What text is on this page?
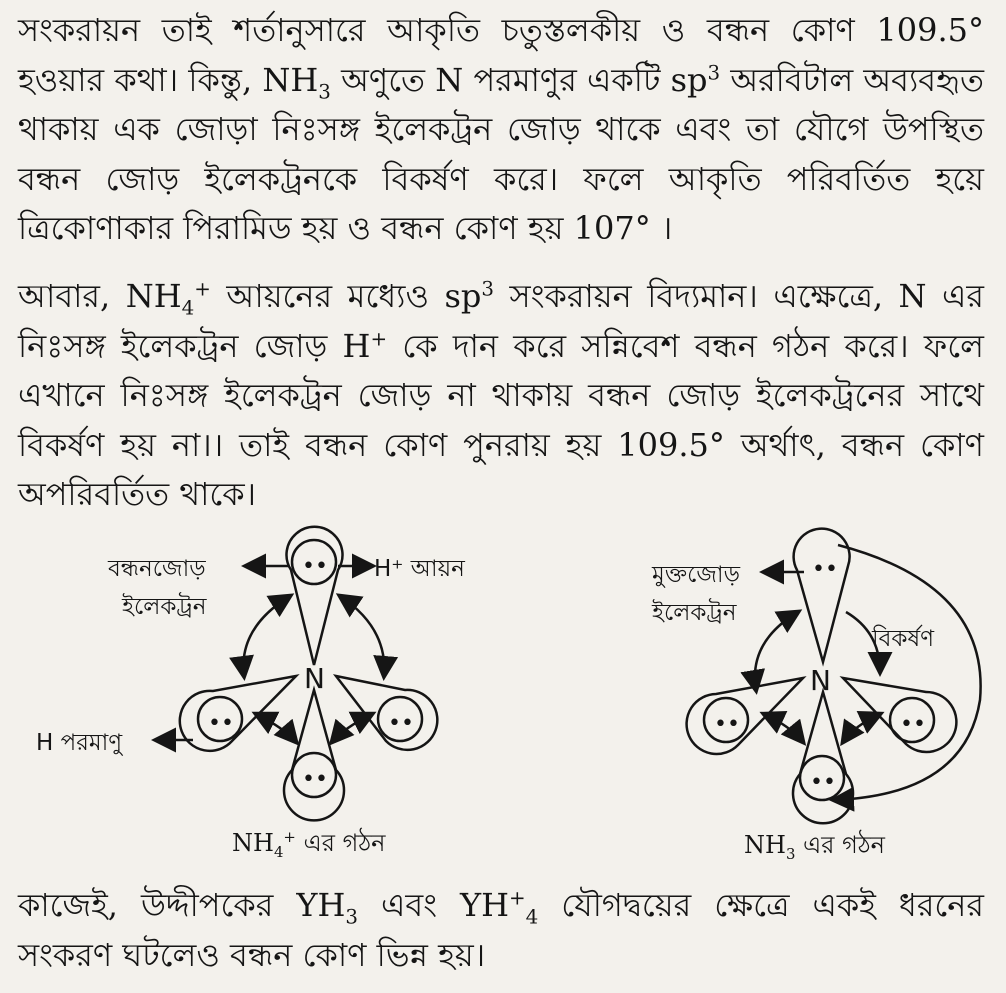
সংকরায়ন তাই শর্তানুসারে আকৃতি চতুস্তলকীয় ও বন্ধন কোণ 109.5° হওয়ার কথা। কিন্তু, $NH_3$ অণুতে N পরমাণুর একটি $sp^3$ অরবিটাল অব্যবহৃত থাকায় এক জোড়া নিঃসঙ্গ ইলেকট্রন জোড় থাকে এবং তা যৌগে উপস্থিত বন্ধন জোড় ইলেকট্রনকে বিকর্ষণ করে। ফলে আকৃতি পরিবর্তিত হয়ে ত্রিকোণাকার পিরামিড হয় ও বন্ধন কোণ হয় 107° ।

আবার, $NH_4^+$ আয়নের মধ্যেও $sp^3$ সংকরায়ন বিদ্যমান। এক্ষেত্রে, N এর নিঃসঙ্গ ইলেকট্রন জোড় H+ কে দান করে সন্নিবেশ বন্ধন গঠন করে। ফলে এখানে নিঃসঙ্গ ইলেকট্রন জোড় না থাকায় বন্ধন জোড় ইলেকট্রনের সাথে বিকর্ষণ হয় না।। তাই বন্ধন কোণ পুনরায় হয় 109.5° অর্থাৎ, বন্ধন কোণ অপরিবর্তিত থাকে।

N
••
••	••
••
বন্ধনজোড়
ইলেকট্রন
H⁺ আয়ন
H পরমাণু
N
••
••	••
••
মুক্তজোড়
ইলেকট্রন
বিকর্ষণ
$NH_4^+$ এর গঠন	$NH_3$ এর গঠন

কাজেই, উদ্দীপকের $YH_3$ এবং $YH^+_4$ যৌগদ্বয়ের ক্ষেত্রে একই ধরনের সংকরণ ঘটলেও বন্ধন কোণ ভিন্ন হয়।
